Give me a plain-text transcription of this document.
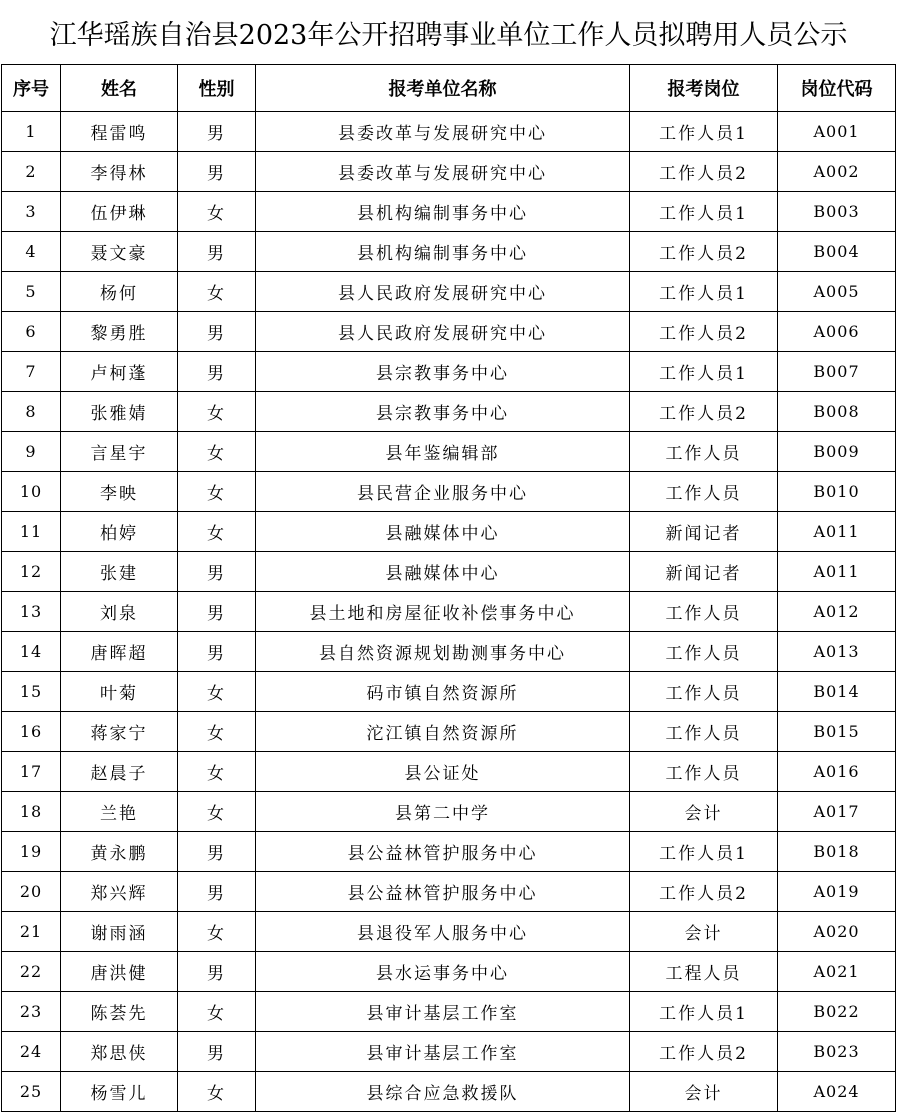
江华瑶族自治县2023年公开招聘事业单位工作人员拟聘用人员公示
序号	姓名	性别	报考单位名称	报考岗位	岗位代码
1	程雷鸣	男	县委改革与发展研究中心	工作人员1	A001
2	李得林	男	县委改革与发展研究中心	工作人员2	A002
3	伍伊琳	女	县机构编制事务中心	工作人员1	B003
4	聂文豪	男	县机构编制事务中心	工作人员2	B004
5	杨何	女	县人民政府发展研究中心	工作人员1	A005
6	黎勇胜	男	县人民政府发展研究中心	工作人员2	A006
7	卢柯蓬	男	县宗教事务中心	工作人员1	B007
8	张雅婧	女	县宗教事务中心	工作人员2	B008
9	言星宇	女	县年鉴编辑部	工作人员	B009
10	李映	女	县民营企业服务中心	工作人员	B010
11	柏婷	女	县融媒体中心	新闻记者	A011
12	张建	男	县融媒体中心	新闻记者	A011
13	刘泉	男	县土地和房屋征收补偿事务中心	工作人员	A012
14	唐晖超	男	县自然资源规划勘测事务中心	工作人员	A013
15	叶菊	女	码市镇自然资源所	工作人员	B014
16	蒋家宁	女	沱江镇自然资源所	工作人员	B015
17	赵晨子	女	县公证处	工作人员	A016
18	兰艳	女	县第二中学	会计	A017
19	黄永鹏	男	县公益林管护服务中心	工作人员1	B018
20	郑兴辉	男	县公益林管护服务中心	工作人员2	A019
21	谢雨涵	女	县退役军人服务中心	会计	A020
22	唐洪健	男	县水运事务中心	工程人员	A021
23	陈荟先	女	县审计基层工作室	工作人员1	B022
24	郑思侠	男	县审计基层工作室	工作人员2	B023
25	杨雪儿	女	县综合应急救援队	会计	A024
